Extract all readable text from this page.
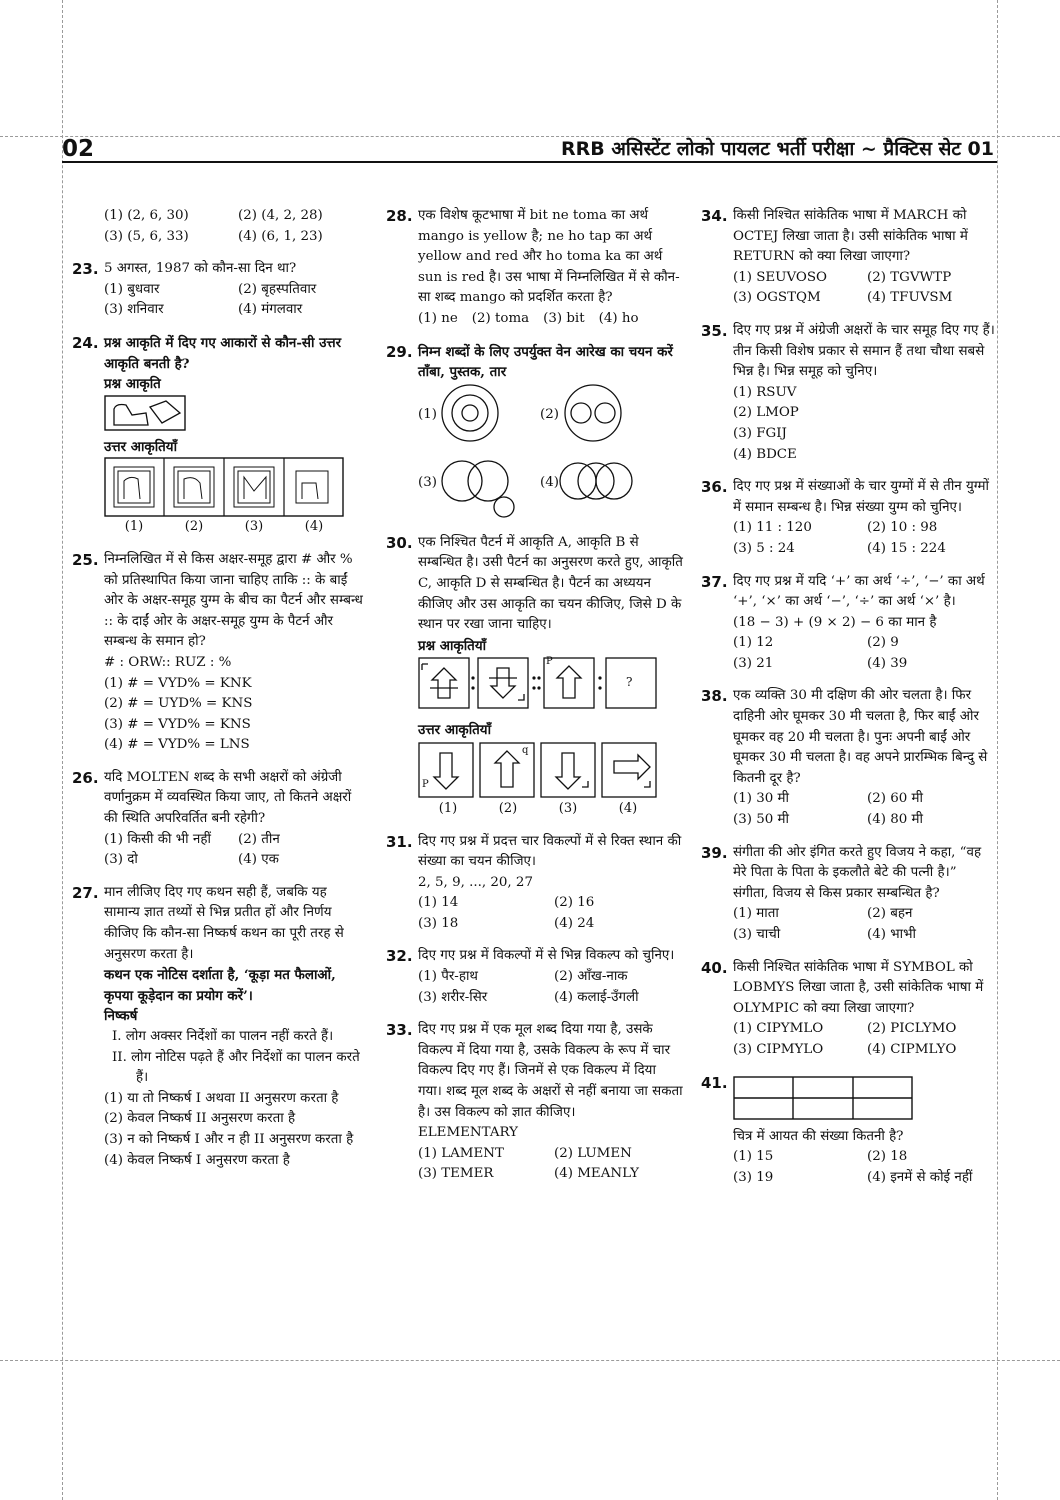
02	RRB असिस्टेंट लोको पायलट भर्ती परीक्षा ~ प्रैक्टिस सेट 01
(1) (2, 6, 30)	(2) (4, 2, 28)
(3) (5, 6, 33)	(4) (6, 1, 23)
23. 5 अगस्त, 1987 को कौन-सा दिन था?
(1) बुधवार	(2) बृहस्पतिवार
(3) शनिवार	(4) मंगलवार
24. प्रश्न आकृति में दिए गए आकारों से कौन-सी उत्तर आकृति बनती है?
प्रश्न आकृति
उत्तर आकृतियाँ
(1)	(2)	(3)	(4)
25. निम्नलिखित में से किस अक्षर-समूह द्वारा # और % को प्रतिस्थापित किया जाना चाहिए ताकि :: के बाईं ओर के अक्षर-समूह युग्म के बीच का पैटर्न और सम्बन्ध :: के दाईं ओर के अक्षर-समूह युग्म के पैटर्न और सम्बन्ध के समान हो?
# : ORW:: RUZ : %
(1) # = VYD% = KNK
(2) # = UYD% = KNS
(3) # = VYD% = KNS
(4) # = VYD% = LNS
26. यदि MOLTEN शब्द के सभी अक्षरों को अंग्रेजी वर्णानुक्रम में व्यवस्थित किया जाए, तो कितने अक्षरों की स्थिति अपरिवर्तित बनी रहेगी?
(1) किसी की भी नहीं	(2) तीन
(3) दो	(4) एक
27. मान लीजिए दिए गए कथन सही हैं, जबकि यह सामान्य ज्ञात तथ्यों से भिन्न प्रतीत हों और निर्णय कीजिए कि कौन-सा निष्कर्ष कथन का पूरी तरह से अनुसरण करता है।
कथन एक नोटिस दर्शाता है, ‘कूड़ा मत फैलाओं, कृपया कूड़ेदान का प्रयोग करें’।
निष्कर्ष
I. लोग अक्सर निर्देशों का पालन नहीं करते हैं।
II. लोग नोटिस पढ़ते हैं और निर्देशों का पालन करते हैं।
(1) या तो निष्कर्ष I अथवा II अनुसरण करता है
(2) केवल निष्कर्ष II अनुसरण करता है
(3) न को निष्कर्ष I और न ही II अनुसरण करता है
(4) केवल निष्कर्ष I अनुसरण करता है
28. एक विशेष कूटभाषा में bit ne toma का अर्थ mango is yellow है; ne ho tap का अर्थ yellow and red और ho toma ka का अर्थ sun is red है। उस भाषा में निम्नलिखित में से कौन-सा शब्द mango को प्रदर्शित करता है?
(1) ne (2) toma (3) bit (4) ho
29. निम्न शब्दों के लिए उपर्युक्त वेन आरेख का चयन करें
ताँबा, पुस्तक, तार
(1)	(2)
(3)	(4)
30. एक निश्चित पैटर्न में आकृति A, आकृति B से सम्बन्धित है। उसी पैटर्न का अनुसरण करते हुए, आकृति C, आकृति D से सम्बन्धित है। पैटर्न का अध्ययन कीजिए और उस आकृति का चयन कीजिए, जिसे D के स्थान पर रखा जाना चाहिए।
प्रश्न आकृतियाँ
P
?
उत्तर आकृतियाँ
P
q
(1)	(2)	(3)	(4)
31. दिए गए प्रश्न में प्रदत्त चार विकल्पों में से रिक्त स्थान की संख्या का चयन कीजिए।
2, 5, 9, ..., 20, 27
(1) 14	(2) 16
(3) 18	(4) 24
32. दिए गए प्रश्न में विकल्पों में से भिन्न विकल्प को चुनिए।
(1) पैर-हाथ	(2) आँख-नाक
(3) शरीर-सिर	(4) कलाई-उँगली
33. दिए गए प्रश्न में एक मूल शब्द दिया गया है, उसके विकल्प में दिया गया है, उसके विकल्प के रूप में चार विकल्प दिए गए हैं। जिनमें से एक विकल्प में दिया गया। शब्द मूल शब्द के अक्षरों से नहीं बनाया जा सकता है। उस विकल्प को ज्ञात कीजिए।
ELEMENTARY
(1) LAMENT	(2) LUMEN
(3) TEMER	(4) MEANLY
34. किसी निश्चित सांकेतिक भाषा में MARCH को OCTEJ लिखा जाता है। उसी सांकेतिक भाषा में RETURN को क्या लिखा जाएगा?
(1) SEUVOSO	(2) TGVWTP
(3) OGSTQM	(4) TFUVSM
35. दिए गए प्रश्न में अंग्रेजी अक्षरों के चार समूह दिए गए हैं। तीन किसी विशेष प्रकार से समान हैं तथा चौथा सबसे भिन्न है। भिन्न समूह को चुनिए।
(1) RSUV
(2) LMOP
(3) FGIJ
(4) BDCE
36. दिए गए प्रश्न में संख्याओं के चार युग्मों में से तीन युग्मों में समान सम्बन्ध है। भिन्न संख्या युग्म को चुनिए।
(1) 11 : 120	(2) 10 : 98
(3) 5 : 24	(4) 15 : 224
37. दिए गए प्रश्न में यदि ‘+’ का अर्थ ‘÷’, ‘−’ का अर्थ ‘+’, ‘×’ का अर्थ ‘−’, ‘÷’ का अर्थ ‘×’ है।
(18 − 3) + (9 × 2) − 6 का मान है
(1) 12	(2) 9
(3) 21	(4) 39
38. एक व्यक्ति 30 मी दक्षिण की ओर चलता है। फिर दाहिनी ओर घूमकर 30 मी चलता है, फिर बाईं ओर घूमकर वह 20 मी चलता है। पुनः अपनी बाईं ओर घूमकर 30 मी चलता है। वह अपने प्रारम्भिक बिन्दु से कितनी दूर है?
(1) 30 मी	(2) 60 मी
(3) 50 मी	(4) 80 मी
39. संगीता की ओर इंगित करते हुए विजय ने कहा, “वह मेरे पिता के पिता के इकलौते बेटे की पत्नी है।” संगीता, विजय से किस प्रकार सम्बन्धित है?
(1) माता	(2) बहन
(3) चाची	(4) भाभी
40. किसी निश्चित सांकेतिक भाषा में SYMBOL को LOBMYS लिखा जाता है, उसी सांकेतिक भाषा में OLYMPIC को क्या लिखा जाएगा?
(1) CIPYMLO	(2) PICLYMO
(3) CIPMYLO	(4) CIPMLYO
41.
चित्र में आयत की संख्या कितनी है?
(1) 15	(2) 18
(3) 19	(4) इनमें से कोई नहीं
